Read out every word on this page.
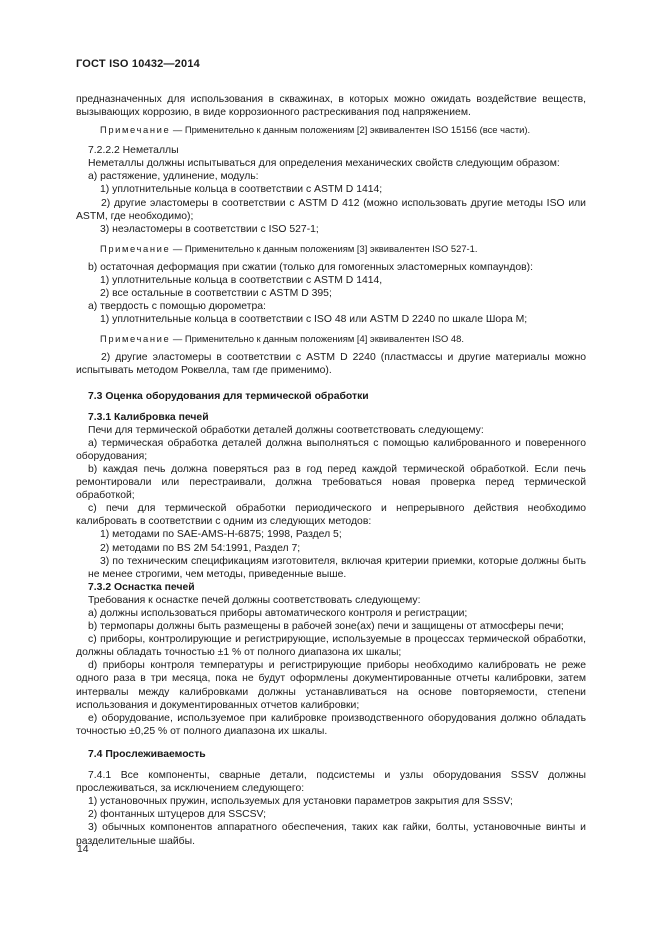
ГОСТ ISO 10432—2014

предназначенных для использования в скважинах, в которых можно ожидать воздействие веществ, вызывающих коррозию, в виде коррозионного растрескивания под напряжением.

Примечание — Применительно к данным положениям [2] эквивалентен ISO 15156 (все части).

7.2.2.2 Неметаллы

Неметаллы должны испытываться для определения механических свойств следующим образом:

а) растяжение, удлинение, модуль:

1) уплотнительные кольца в соответствии с ASTM D 1414;

2) другие эластомеры в соответствии с ASTM D 412 (можно использовать другие методы ISO или ASTM, где необходимо);

3) неэластомеры в соответствии с ISO 527-1;

Примечание — Применительно к данным положениям [3] эквивалентен ISO 527-1.

b) остаточная деформация при сжатии (только для гомогенных эластомерных компаундов):

1) уплотнительные кольца в соответствии с ASTM D 1414,

2) все остальные в соответствии с ASTM D 395;

а) твердость с помощью дюрометра:

1) уплотнительные кольца в соответствии с ISO 48 или ASTM D 2240 по шкале Шора М;

Примечание — Применительно к данным положениям [4] эквивалентен ISO 48.

2) другие эластомеры в соответствии с ASTM D 2240 (пластмассы и другие материалы можно испытывать методом Роквелла, там где применимо).

7.3 Оценка оборудования для термической обработки

7.3.1 Калибровка печей

Печи для термической обработки деталей должны соответствовать следующему:

а) термическая обработка деталей должна выполняться с помощью калиброванного и поверенного оборудования;

b) каждая печь должна поверяться раз в год перед каждой термической обработкой. Если печь ремонтировали или перестраивали, должна требоваться новая проверка перед термической обработкой;

с) печи для термической обработки периодического и непрерывного действия необходимо калибровать в соответствии с одним из следующих методов:

1) методами по SAE-AMS-H-6875; 1998, Раздел 5;

2) методами по BS 2M 54:1991, Раздел 7;

3) по техническим спецификациям изготовителя, включая критерии приемки, которые должны быть не менее строгими, чем методы, приведенные выше.

7.3.2 Оснастка печей

Требования к оснастке печей должны соответствовать следующему:

а) должны использоваться приборы автоматического контроля и регистрации;

b) термопары должны быть размещены в рабочей зоне(ах) печи и защищены от атмосферы печи;

с) приборы, контролирующие и регистрирующие, используемые в процессах термической обработки, должны обладать точностью ±1 % от полного диапазона их шкалы;

d) приборы контроля температуры и регистрирующие приборы необходимо калибровать не реже одного раза в три месяца, пока не будут оформлены документированные отчеты калибровки, затем интервалы между калибровками должны устанавливаться на основе повторяемости, степени использования и документированных отчетов калибровки;

е) оборудование, используемое при калибровке производственного оборудования должно обладать точностью ±0,25 % от полного диапазона их шкалы.

7.4 Прослеживаемость

7.4.1 Все компоненты, сварные детали, подсистемы и узлы оборудования SSSV должны прослеживаться, за исключением следующего:

1) установочных пружин, используемых для установки параметров закрытия для SSSV;

2) фонтанных штуцеров для SSCSV;

3) обычных компонентов аппаратного обеспечения, таких как гайки, болты, установочные винты и разделительные шайбы.

14
